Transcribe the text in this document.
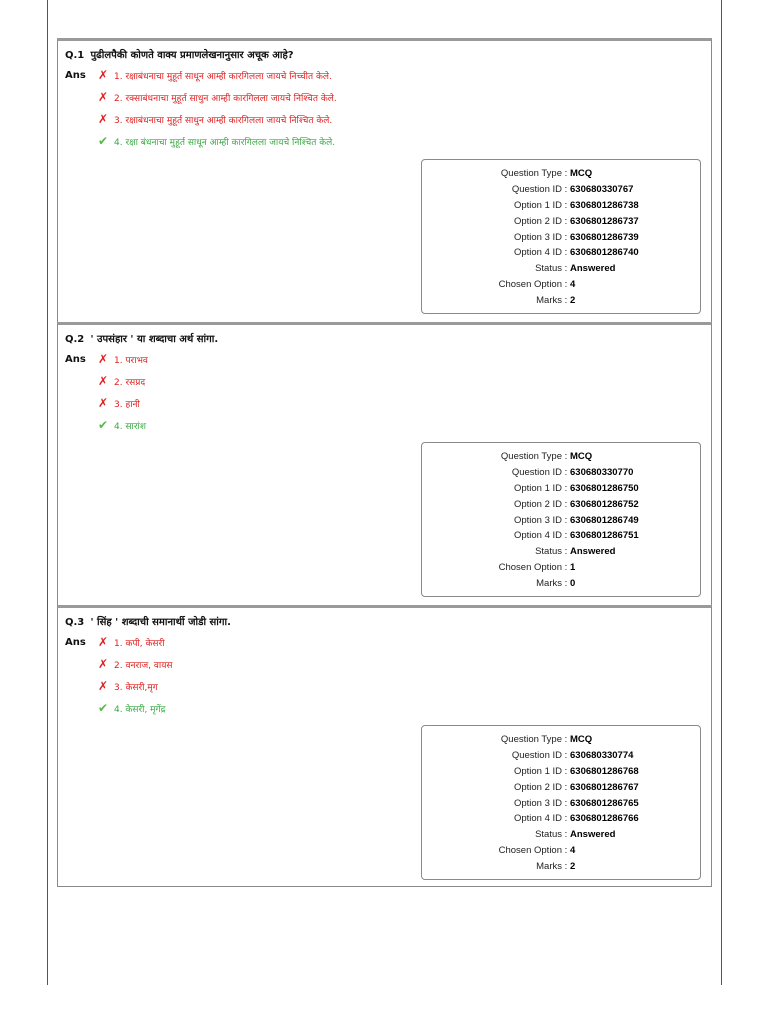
Q.1 पुढीलपैकी कोणते वाक्य प्रमाणलेखनानुसार अचूक आहे?
Ans ✗ 1. रक्षाबंधनाचा मुहूर्त साधून आम्ही कारगिलला जायचे निच्चीत केले.
✗ 2. रक्साबंधनाचा मुहूर्त साधुन आम्ही कारगिलला जायचे निश्चित केले.
✗ 3. रक्षाबंधनाचा मुहूर्त साधुन आम्ही कारगिलला जायचे निश्चित केले.
✔ 4. रक्षा बंधनाचा मुहूर्त साधून आम्ही कारगिलला जायचे निश्चित केले.
Question Type : MCQ
Question ID : 630680330767
Option 1 ID : 6306801286738
Option 2 ID : 6306801286737
Option 3 ID : 6306801286739
Option 4 ID : 6306801286740
Status : Answered
Chosen Option : 4
Marks : 2
Q.2 ' उपसंहार ' या शब्दाचा अर्थ सांगा.
Ans ✗ 1. पराभव
✗ 2. रसप्रद
✗ 3. हानी
✔ 4. सारांश
Question Type : MCQ
Question ID : 630680330770
Option 1 ID : 6306801286750
Option 2 ID : 6306801286752
Option 3 ID : 6306801286749
Option 4 ID : 6306801286751
Status : Answered
Chosen Option : 1
Marks : 0
Q.3 ' सिंह ' शब्दाची समानार्थी जोडी सांगा.
Ans ✗ 1. कपी, केसरी
✗ 2. वनराज, वायस
✗ 3. केसरी,मृग
✔ 4. केसरी, मृगेंद्र
Question Type : MCQ
Question ID : 630680330774
Option 1 ID : 6306801286768
Option 2 ID : 6306801286767
Option 3 ID : 6306801286765
Option 4 ID : 6306801286766
Status : Answered
Chosen Option : 4
Marks : 2
